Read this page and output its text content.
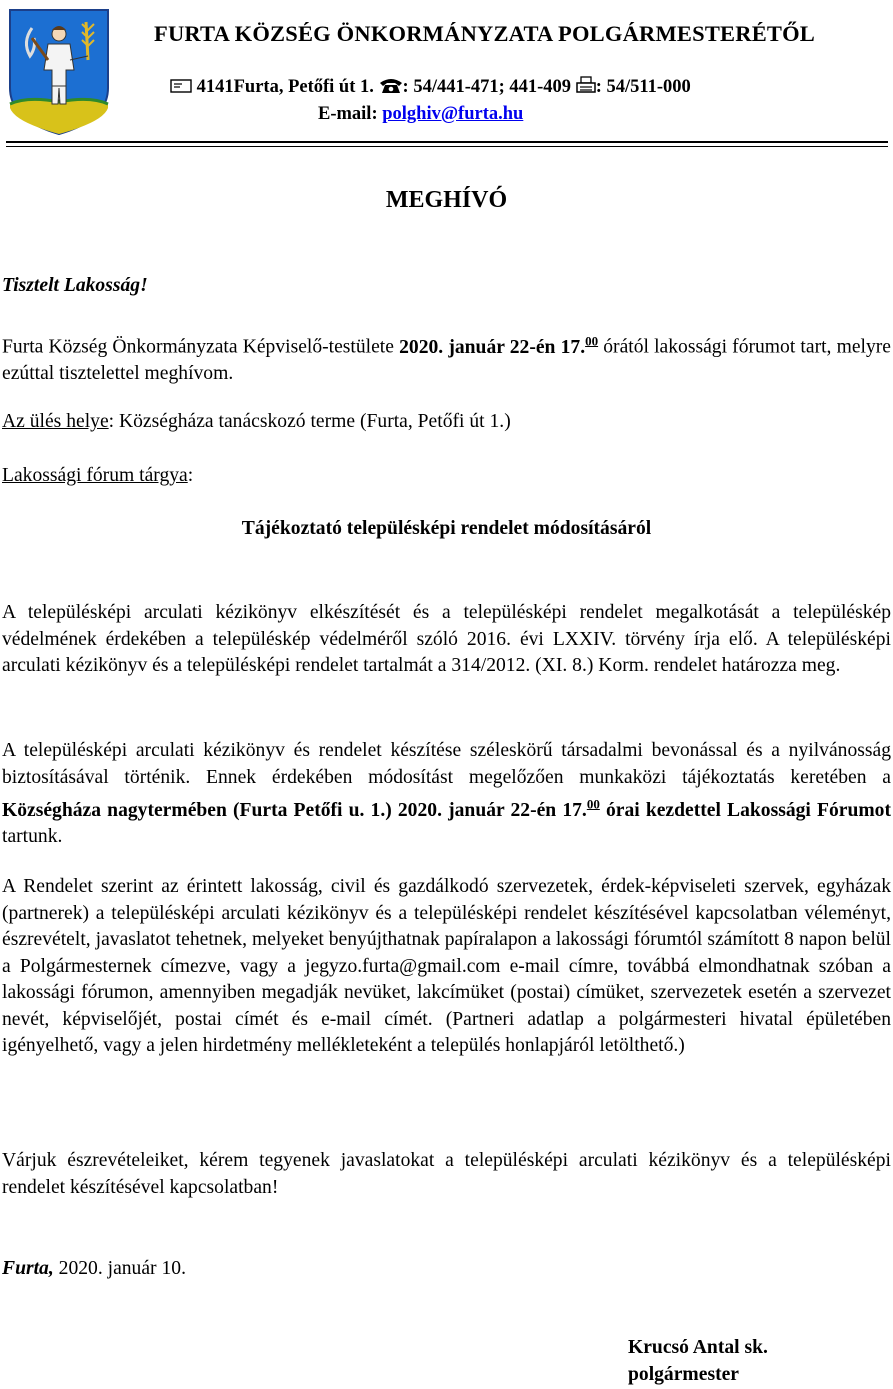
FURTA KÖZSÉG ÖNKORMÁNYZATA POLGÁRMESTERÉTŐL
4141Furta, Petőfi út 1. : 54/441-471; 441-409 : 54/511-000
E-mail: polghiv@furta.hu
MEGHÍVÓ
Tisztelt Lakosság!
Furta Község Önkormányzata Képviselő-testülete 2020. január 22-én 17.00 órától lakossági fórumot tart, melyre ezúttal tisztelettel meghívom.
Az ülés helye: Községháza tanácskozó terme (Furta, Petőfi út 1.)
Lakossági fórum tárgya:
Tájékoztató településképi rendelet módosításáról
A településképi arculati kézikönyv elkészítését és a településképi rendelet megalkotását a településkép védelmének érdekében a településkép védelméről szóló 2016. évi LXXIV. törvény írja elő. A településképi arculati kézikönyv és a településképi rendelet tartalmát a 314/2012. (XI. 8.) Korm. rendelet határozza meg.
A településképi arculati kézikönyv és rendelet készítése széleskörű társadalmi bevonással és a nyilvánosság biztosításával történik. Ennek érdekében módosítást megelőzően munkaközi tájékoztatás keretében a Községháza nagytermében (Furta Petőfi u. 1.) 2020. január 22-én 17.00 órai kezdettel Lakossági Fórumot tartunk.
A Rendelet szerint az érintett lakosság, civil és gazdálkodó szervezetek, érdek-képviseleti szervek, egyházak (partnerek) a településképi arculati kézikönyv és a településképi rendelet készítésével kapcsolatban véleményt, észrevételt, javaslatot tehetnek, melyeket benyújthatnak papíralapon a lakossági fórumtól számított 8 napon belül a Polgármesternek címezve, vagy a jegyzo.furta@gmail.com e-mail címre, továbbá elmondhatnak szóban a lakossági fórumon, amennyiben megadják nevüket, lakcímüket (postai) címüket, szervezetek esetén a szervezet nevét, képviselőjét, postai címét és e-mail címét. (Partneri adatlap a polgármesteri hivatal épületében igényelhető, vagy a jelen hirdetmény mellékleteként a település honlapjáról letölthető.)
Várjuk észrevételeiket, kérem tegyenek javaslatokat a településképi arculati kézikönyv és a településképi rendelet készítésével kapcsolatban!
Furta, 2020. január 10.
Krucsó Antal sk.
polgármester
